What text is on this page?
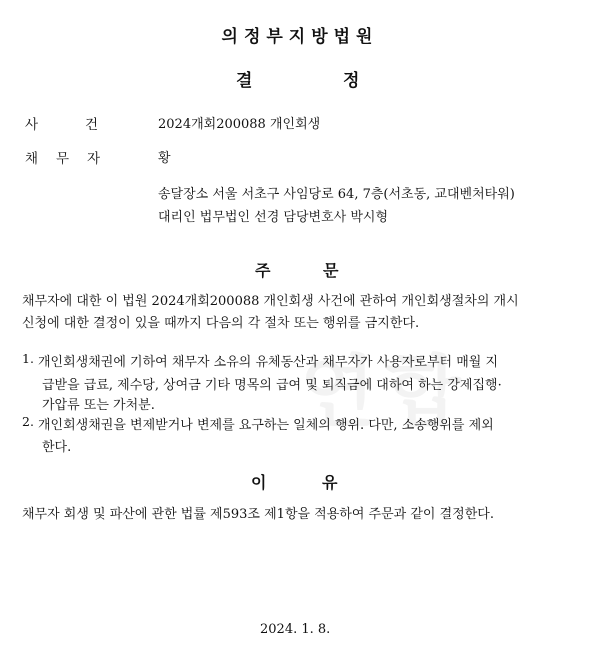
의정부지방법원
결	정
사	건	2024개회200088 개인회생
채 무 자	황
송달장소 서울 서초구 사임당로 64, 7층(서초동, 교대벤처타워)
대리인 법무법인 선경 담당변호사 박시형
주	문
채무자에 대한 이 법원 2024개회200088 개인회생 사건에 관하여 개인회생절차의 개시
신청에 대한 결정이 있을 때까지 다음의 각 절차 또는 행위를 금지한다.
1. 개인회생채권에 기하여 채무자 소유의 유체동산과 채무자가 사용자로부터 매월 지
급받을 급료, 제수당, 상여금 기타 명목의 급여 및 퇴직금에 대하여 하는 강제집행·
가압류 또는 가처분.
2. 개인회생채권을 변제받거나 변제를 요구하는 일체의 행위. 다만, 소송행위를 제외
한다.
이	유
채무자 회생 및 파산에 관한 법률 제593조 제1항을 적용하여 주문과 같이 결정한다.
2024. 1. 8.
